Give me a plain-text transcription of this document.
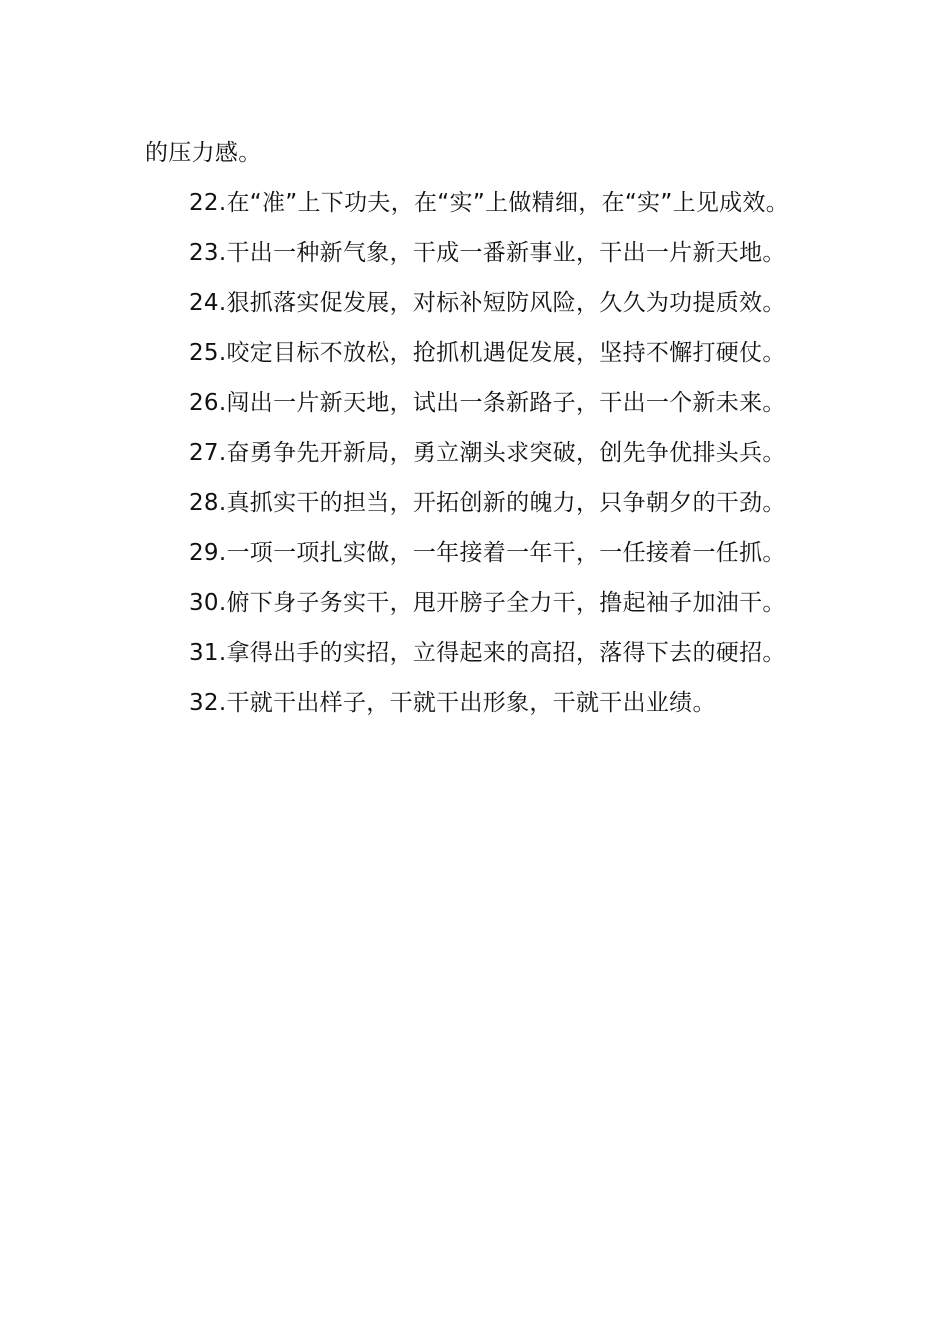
的压力感。

22.在“准”上下功夫，在“实”上做精细，在“实”上见成效。

23.干出一种新气象，干成一番新事业，干出一片新天地。

24.狠抓落实促发展，对标补短防风险，久久为功提质效。

25.咬定目标不放松，抢抓机遇促发展，坚持不懈打硬仗。

26.闯出一片新天地，试出一条新路子，干出一个新未来。

27.奋勇争先开新局，勇立潮头求突破，创先争优排头兵。

28.真抓实干的担当，开拓创新的魄力，只争朝夕的干劲。

29.一项一项扎实做，一年接着一年干，一任接着一任抓。

30.俯下身子务实干，甩开膀子全力干，撸起袖子加油干。

31.拿得出手的实招，立得起来的高招，落得下去的硬招。

32.干就干出样子，干就干出形象，干就干出业绩。
